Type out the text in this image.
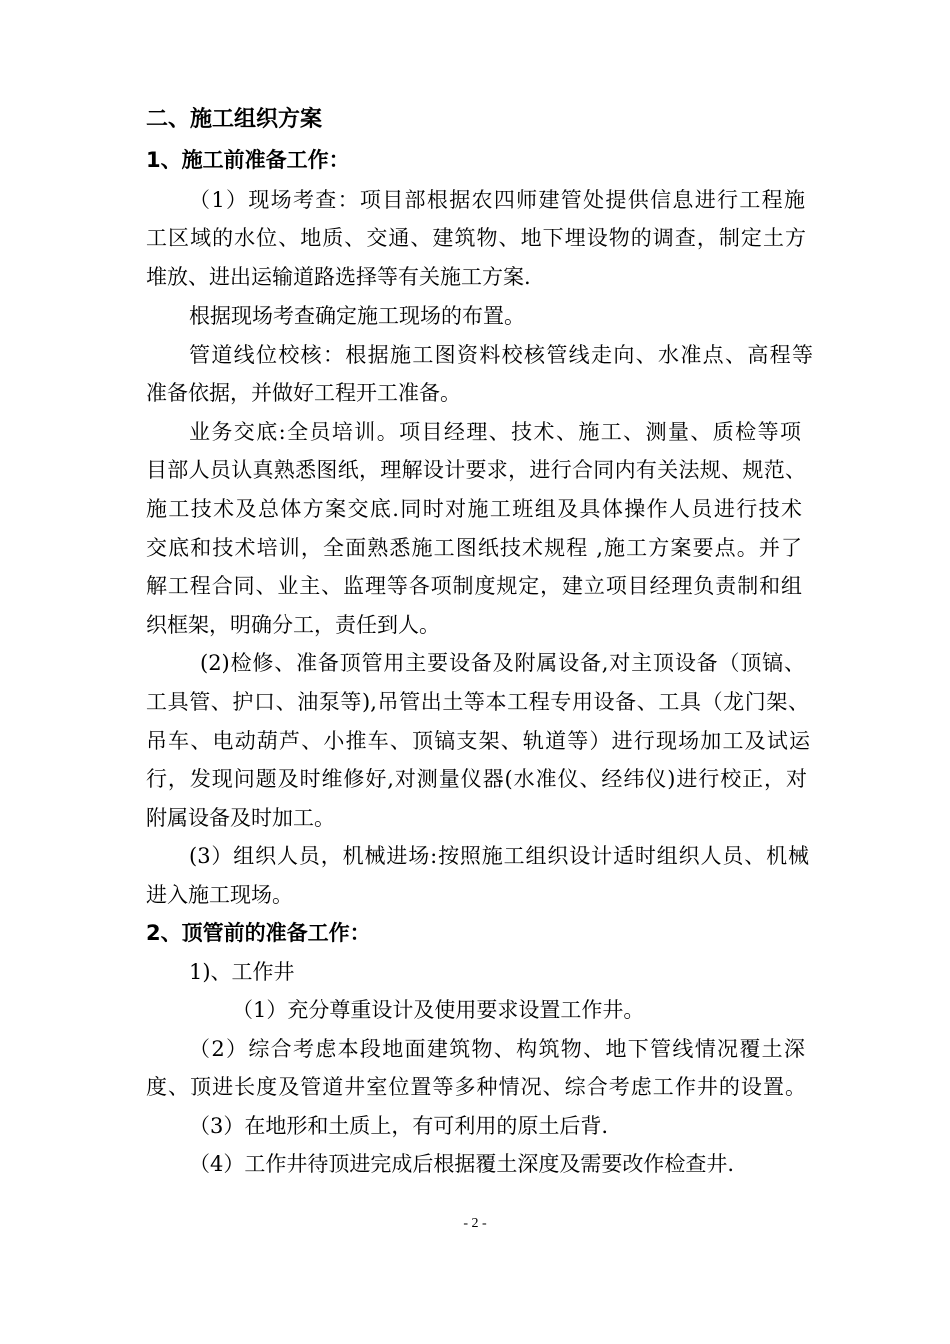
二、施工组织方案
1、施工前准备工作：
（1）现场考查：项目部根据农四师建管处提供信息进行工程施
工区域的水位、地质、交通、建筑物、地下埋设物的调查，制定土方
堆放、进出运输道路选择等有关施工方案.
根据现场考查确定施工现场的布置。
管道线位校核：根据施工图资料校核管线走向、水准点、高程等
准备依据，并做好工程开工准备。
业务交底:全员培训。项目经理、技术、施工、测量、质检等项
目部人员认真熟悉图纸，理解设计要求，进行合同内有关法规、规范、
施工技术及总体方案交底.同时对施工班组及具体操作人员进行技术
交底和技术培训，全面熟悉施工图纸技术规程 ,施工方案要点。并了
解工程合同、业主、监理等各项制度规定，建立项目经理负责制和组
织框架，明确分工，责任到人。
(2)检修、准备顶管用主要设备及附属设备,对主顶设备（顶镐、
工具管、护口、油泵等),吊管出土等本工程专用设备、工具（龙门架、
吊车、电动葫芦、小推车、顶镐支架、轨道等）进行现场加工及试运
行，发现问题及时维修好,对测量仪器(水准仪、经纬仪)进行校正，对
附属设备及时加工。
(3）组织人员，机械进场:按照施工组织设计适时组织人员、机械
进入施工现场。
2、顶管前的准备工作：
1)、工作井
（1）充分尊重设计及使用要求设置工作井。
（2）综合考虑本段地面建筑物、构筑物、地下管线情况覆土深
度、顶进长度及管道井室位置等多种情况、综合考虑工作井的设置。
（3）在地形和土质上，有可利用的原土后背.
（4）工作井待顶进完成后根据覆土深度及需要改作检查井.
- 2 -
